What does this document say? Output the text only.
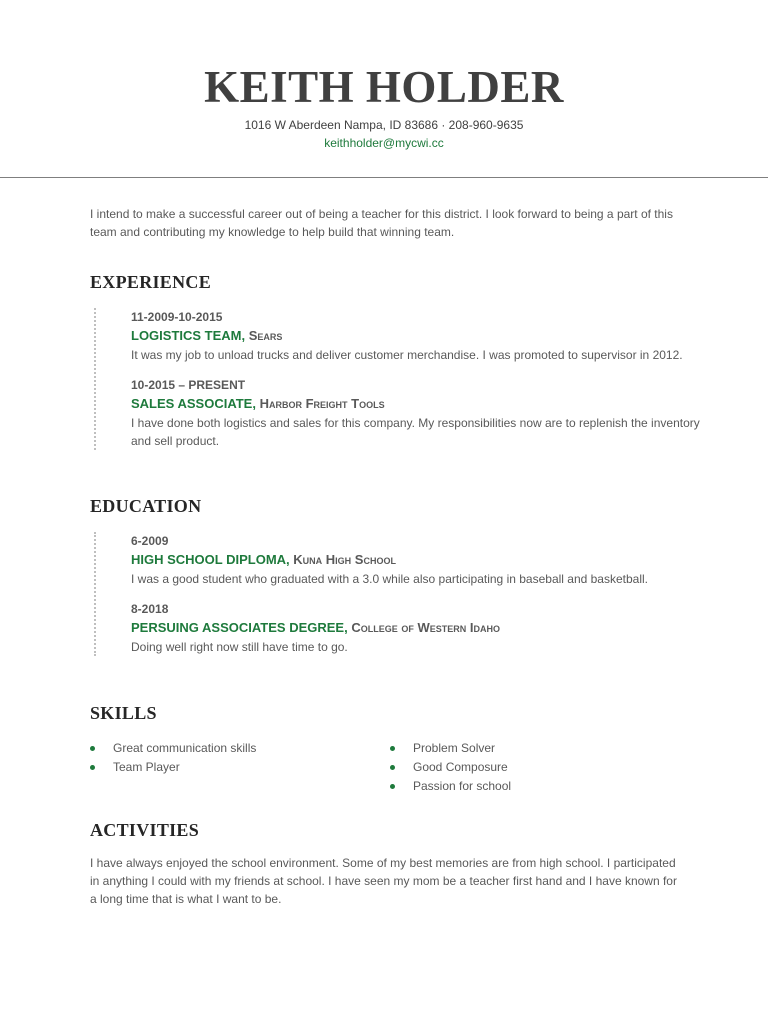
KEITH HOLDER
1016 W Aberdeen Nampa, ID 83686 · 208-960-9635
keithholder@mycwi.cc
I intend to make a successful career out of being a teacher for this district. I look forward to being a part of this team and contributing my knowledge to help build that winning team.
EXPERIENCE
11-2009-10-2015
LOGISTICS TEAM, Sears
It was my job to unload trucks and deliver customer merchandise. I was promoted to supervisor in 2012.
10-2015 – PRESENT
SALES ASSOCIATE, Harbor Freight Tools
I have done both logistics and sales for this company. My responsibilities now are to replenish the inventory and sell product.
EDUCATION
6-2009
HIGH SCHOOL DIPLOMA, Kuna High School
I was a good student who graduated with a 3.0 while also participating in baseball and basketball.
8-2018
PERSUING ASSOCIATES DEGREE, College of Western Idaho
Doing well right now still have time to go.
SKILLS
Great communication skills
Team Player
Problem Solver
Good Composure
Passion for school
ACTIVITIES
I have always enjoyed the school environment. Some of my best memories are from high school. I participated in anything I could with my friends at school. I have seen my mom be a teacher first hand and I have known for a long time that is what I want to be.
